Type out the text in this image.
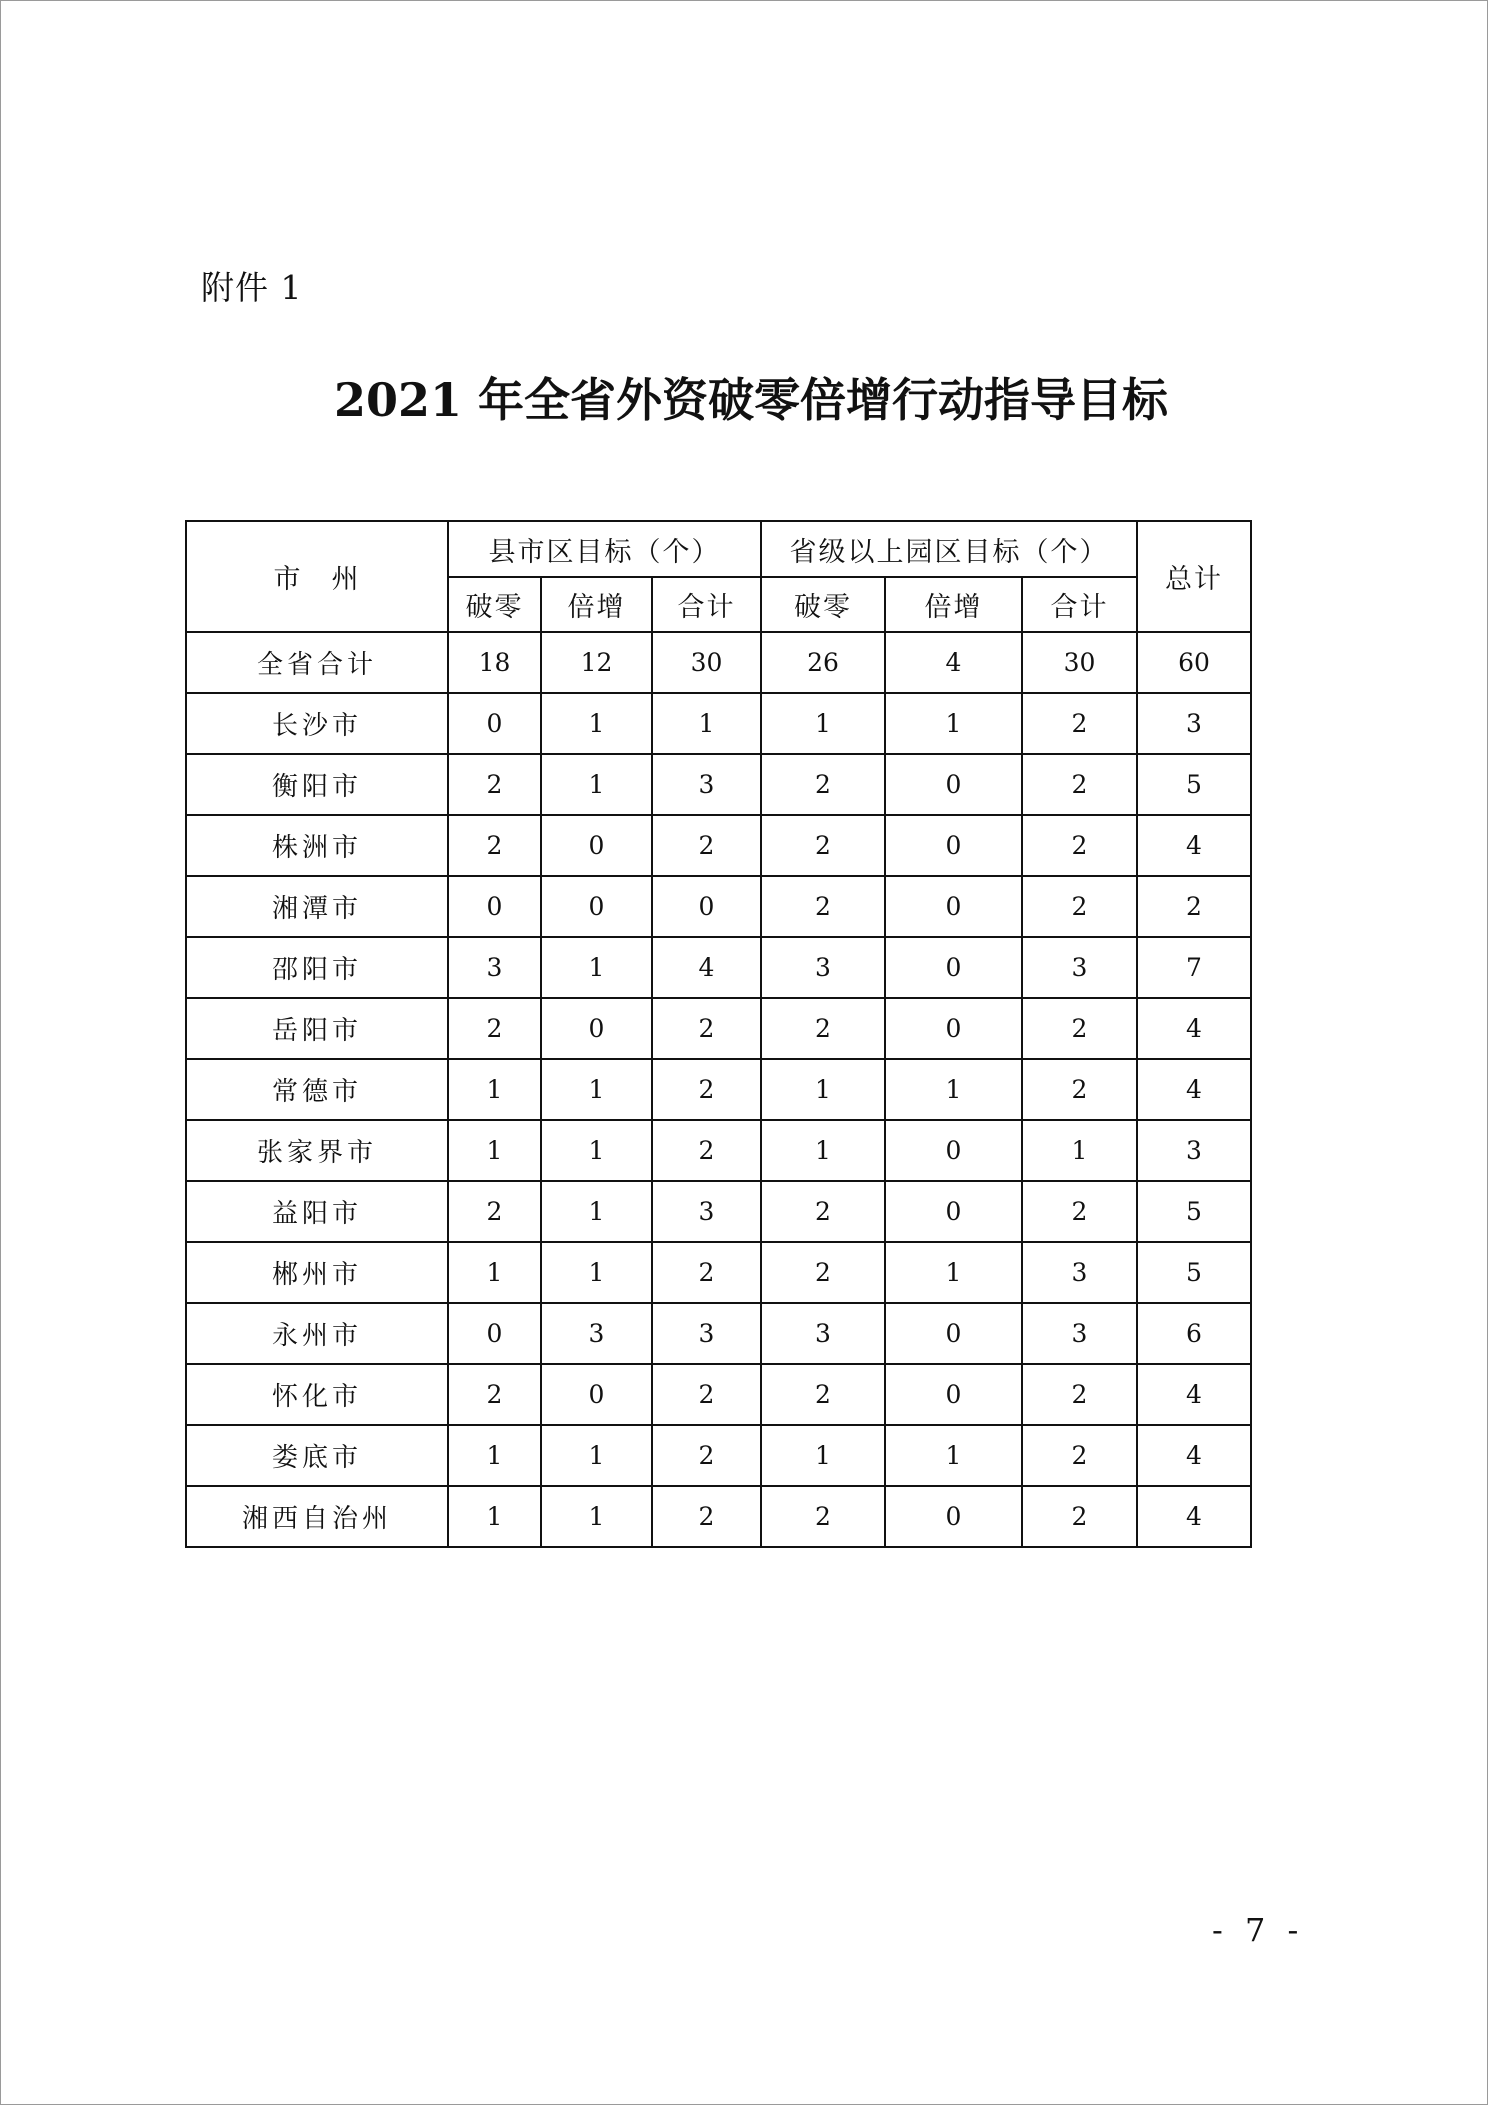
附件 1
2021 年全省外资破零倍增行动指导目标
市　州	县市区目标（个）			省级以上园区目标（个）			总计
	破零	倍增	合计	破零	倍增	合计	
全省合计	18	12	30	26	4	30	60
长沙市	0	1	1	1	1	2	3
衡阳市	2	1	3	2	0	2	5
株洲市	2	0	2	2	0	2	4
湘潭市	0	0	0	2	0	2	2
邵阳市	3	1	4	3	0	3	7
岳阳市	2	0	2	2	0	2	4
常德市	1	1	2	1	1	2	4
张家界市	1	1	2	1	0	1	3
益阳市	2	1	3	2	0	2	5
郴州市	1	1	2	2	1	3	5
永州市	0	3	3	3	0	3	6
怀化市	2	0	2	2	0	2	4
娄底市	1	1	2	1	1	2	4
湘西自治州	1	1	2	2	0	2	4
- 7 -
